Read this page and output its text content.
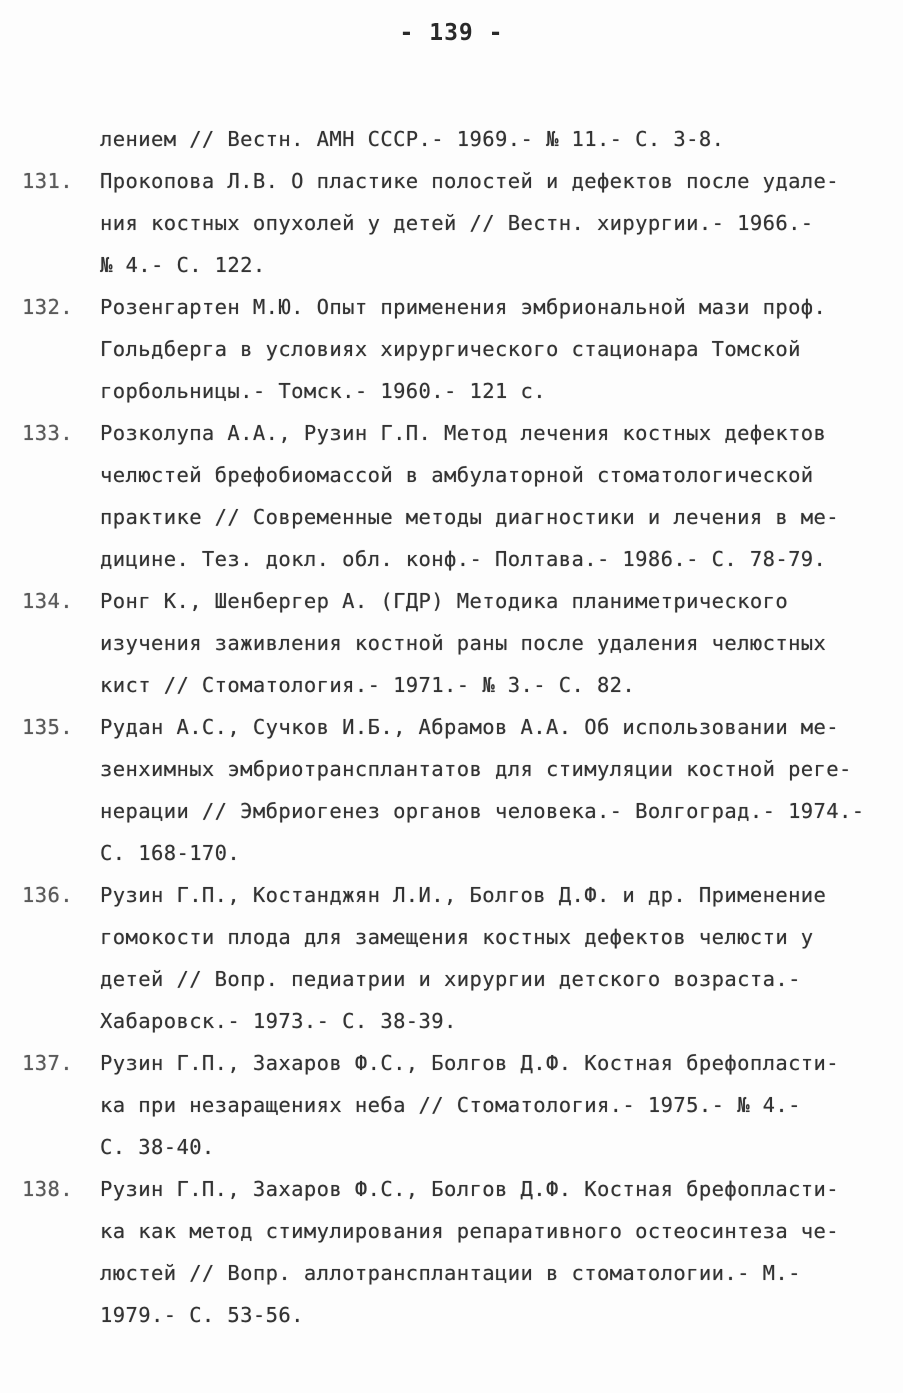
- 139 -
лением // Вестн. АМН СССР.- 1969.- № 11.- С. 3-8.
131. Прокопова Л.В. О пластике полостей и дефектов после удале-
ния костных опухолей у детей // Вестн. хирургии.- 1966.-
№ 4.- С. 122.
132. Розенгартен М.Ю. Опыт применения эмбриональной мази проф.
Гольдберга в условиях хирургического стационара Томской
горбольницы.- Томск.- 1960.- 121 с.
133. Розколупа А.А., Рузин Г.П. Метод лечения костных дефектов
челюстей брефобиомассой в амбулаторной стоматологической
практике // Современные методы диагностики и лечения в ме-
дицине. Тез. докл. обл. конф.- Полтава.- 1986.- С. 78-79.
134. Ронг К., Шенбергер А. (ГДР) Методика планиметрического
изучения заживления костной раны после удаления челюстных
кист // Стоматология.- 1971.- № 3.- С. 82.
135. Рудан А.С., Сучков И.Б., Абрамов А.А. Об использовании ме-
зенхимных эмбриотрансплантатов для стимуляции костной реге-
нерации // Эмбриогенез органов человека.- Волгоград.- 1974.-
С. 168-170.
136. Рузин Г.П., Костанджян Л.И., Болгов Д.Ф. и др. Применение
гомокости плода для замещения костных дефектов челюсти у
детей // Вопр. педиатрии и хирургии детского возраста.-
Хабаровск.- 1973.- С. 38-39.
137. Рузин Г.П., Захаров Ф.С., Болгов Д.Ф. Костная брефопласти-
ка при незаращениях неба // Стоматология.- 1975.- № 4.-
С. 38-40.
138. Рузин Г.П., Захаров Ф.С., Болгов Д.Ф. Костная брефопласти-
ка как метод стимулирования репаративного остеосинтеза че-
люстей // Вопр. аллотрансплантации в стоматологии.- М.-
1979.- С. 53-56.
